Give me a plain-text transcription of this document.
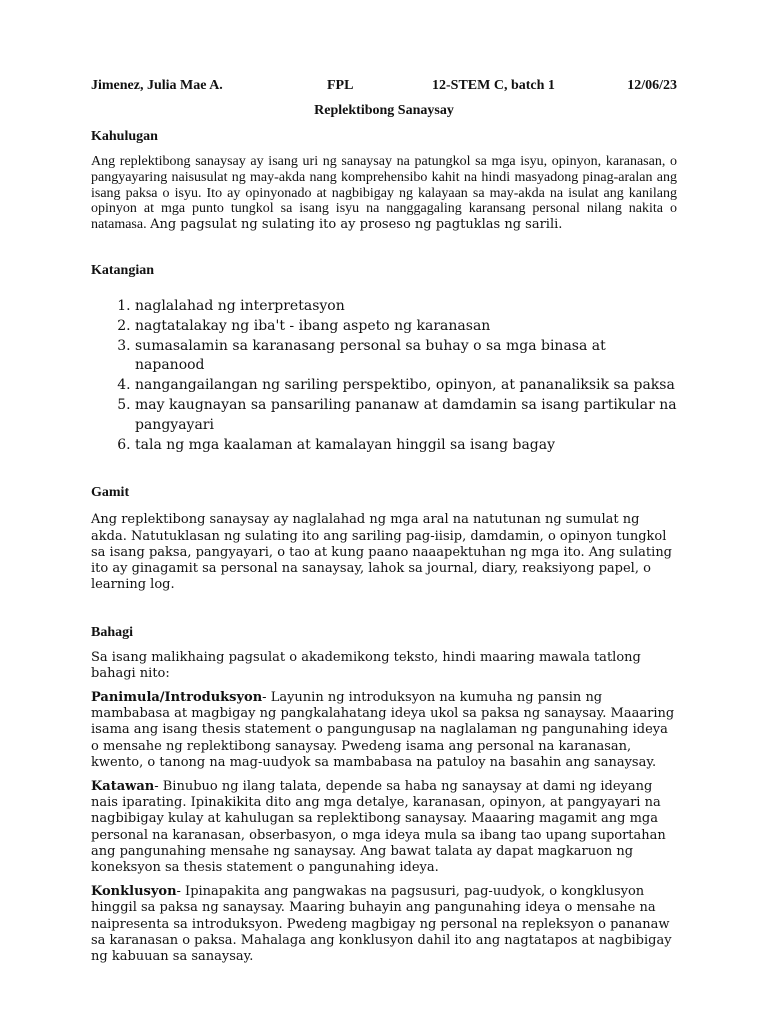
Jimenez, Julia Mae A.	FPL	12-STEM C, batch 1	12/06/23
Replektibong Sanaysay

Kahulugan

Ang replektibong sanaysay ay isang uri ng sanaysay na patungkol sa mga isyu, opinyon, karanasan, o pangyayaring naisusulat ng may-akda nang komprehensibo kahit na hindi masyadong pinag-aralan ang isang paksa o isyu. Ito ay opinyonado at nagbibigay ng kalayaan sa may-akda na isulat ang kanilang opinyon at mga punto tungkol sa isang isyu na nanggagaling karansang personal nilang nakita o natamasa. Ang pagsulat ng sulating ito ay proseso ng pagtuklas ng sarili.

Katangian

1. naglalahad ng interpretasyon
2. nagtatalakay ng iba't - ibang aspeto ng karanasan
3. sumasalamin sa karanasang personal sa buhay o sa mga binasa at napanood
4. nangangailangan ng sariling perspektibo, opinyon, at pananaliksik sa paksa
5. may kaugnayan sa pansariling pananaw at damdamin sa isang partikular na pangyayari
6. tala ng mga kaalaman at kamalayan hinggil sa isang bagay

Gamit

Ang replektibong sanaysay ay naglalahad ng mga aral na natutunan ng sumulat ng akda. Natutuklasan ng sulating ito ang sariling pag-iisip, damdamin, o opinyon tungkol sa isang paksa, pangyayari, o tao at kung paano naaapektuhan ng mga ito. Ang sulating ito ay ginagamit sa personal na sanaysay, lahok sa journal, diary, reaksiyong papel, o learning log.

Bahagi

Sa isang malikhaing pagsulat o akademikong teksto, hindi maaring mawala tatlong bahagi nito:

Panimula/Introduksyon- Layunin ng introduksyon na kumuha ng pansin ng mambabasa at magbigay ng pangkalahatang ideya ukol sa paksa ng sanaysay. Maaaring isama ang isang thesis statement o pangungusap na naglalaman ng pangunahing ideya o mensahe ng replektibong sanaysay. Pwedeng isama ang personal na karanasan, kwento, o tanong na mag-uudyok sa mambabasa na patuloy na basahin ang sanaysay.

Katawan- Binubuo ng ilang talata, depende sa haba ng sanaysay at dami ng ideyang nais iparating. Ipinakikita dito ang mga detalye, karanasan, opinyon, at pangyayari na nagbibigay kulay at kahulugan sa replektibong sanaysay. Maaaring magamit ang mga personal na karanasan, obserbasyon, o mga ideya mula sa ibang tao upang suportahan ang pangunahing mensahe ng sanaysay. Ang bawat talata ay dapat magkaruon ng koneksyon sa thesis statement o pangunahing ideya.

Konklusyon- Ipinapakita ang pangwakas na pagsusuri, pag-uudyok, o kongklusyon hinggil sa paksa ng sanaysay. Maaring buhayin ang pangunahing ideya o mensahe na naipresenta sa introduksyon. Pwedeng magbigay ng personal na repleksyon o pananaw sa karanasan o paksa. Mahalaga ang konklusyon dahil ito ang nagtatapos at nagbibigay ng kabuuan sa sanaysay.
